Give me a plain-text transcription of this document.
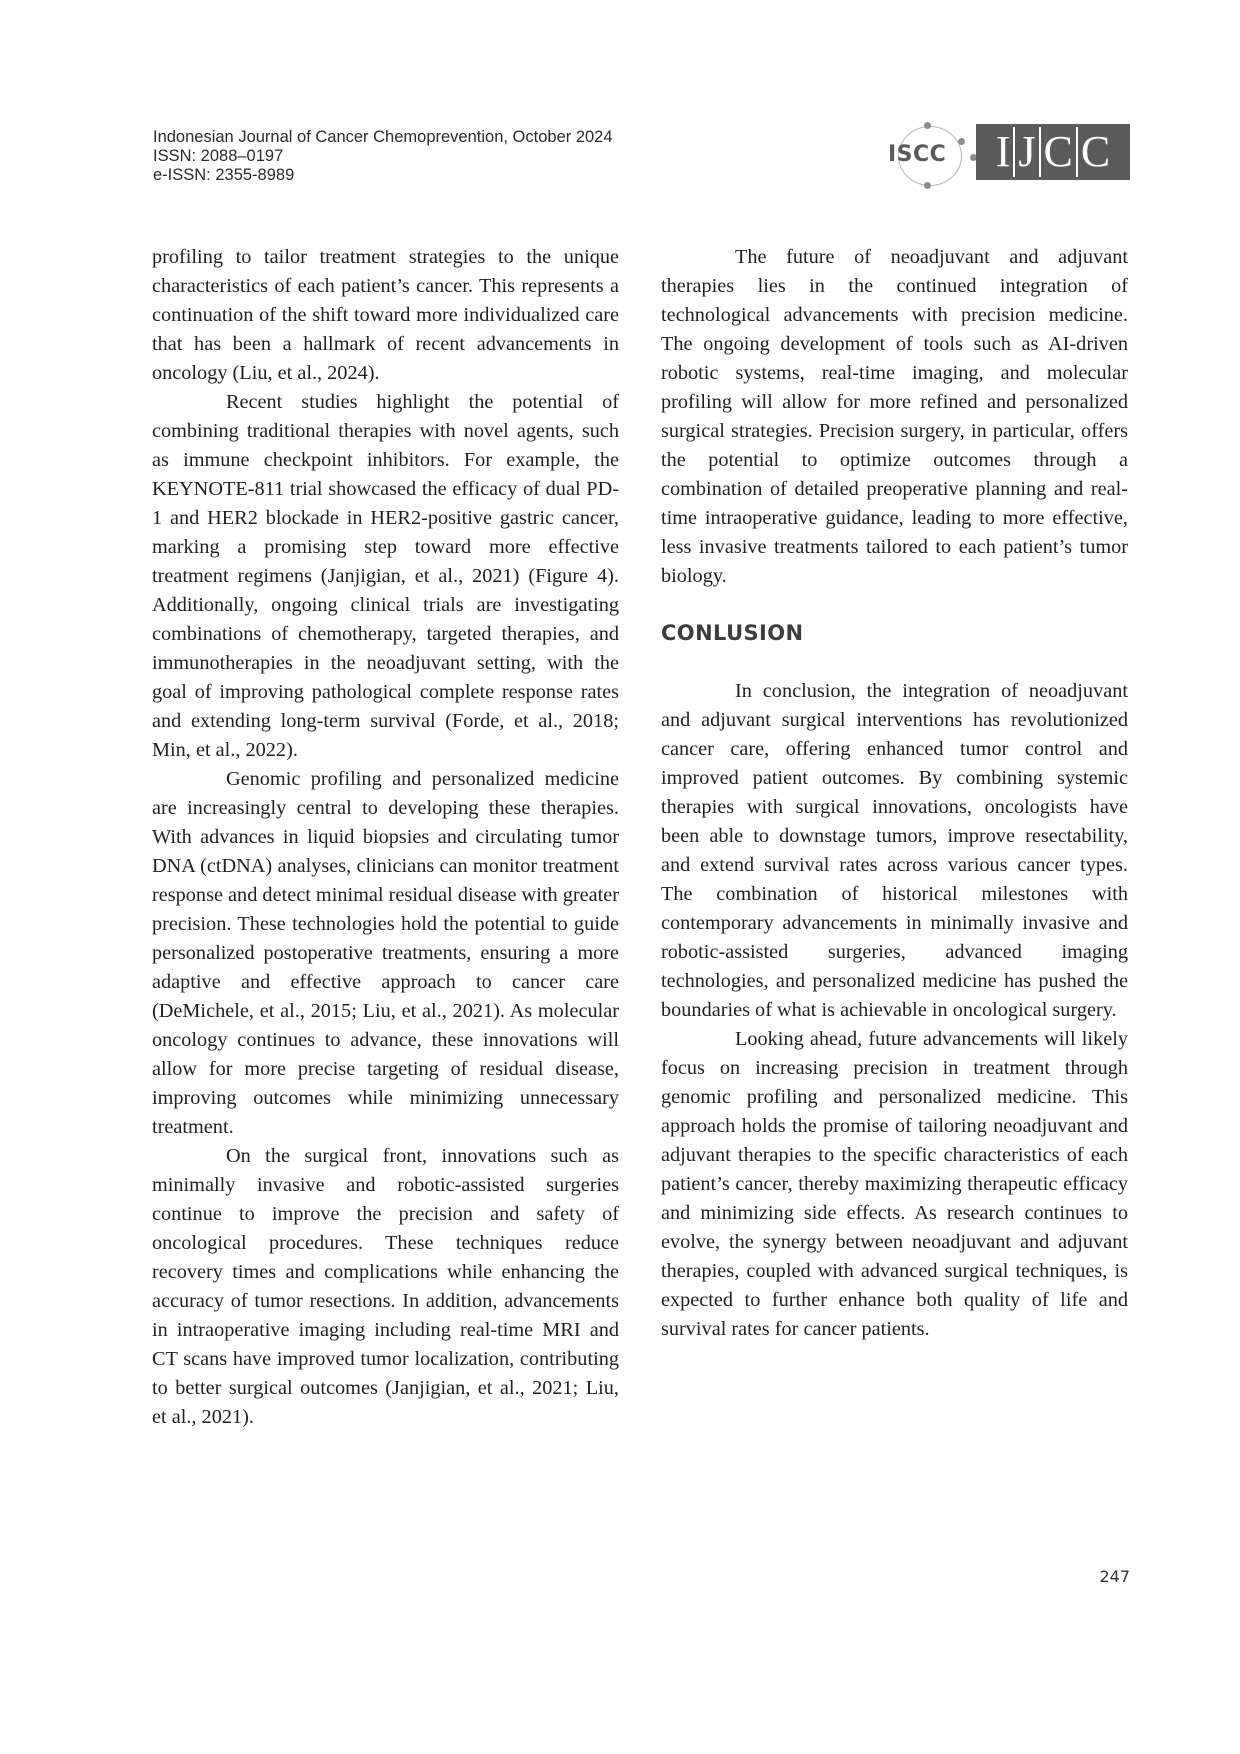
Indonesian Journal of Cancer Chemoprevention, October 2024
ISSN: 2088–0197
e-ISSN: 2355-8989
ISCC I J C C

profiling to tailor treatment strategies to the unique characteristics of each patient’s cancer. This represents a continuation of the shift toward more individualized care that has been a hallmark of recent advancements in oncology (Liu, et al., 2024).

Recent studies highlight the potential of combining traditional therapies with novel agents, such as immune checkpoint inhibitors. For example, the KEYNOTE-811 trial showcased the efficacy of dual PD-1 and HER2 blockade in HER2-positive gastric cancer, marking a promising step toward more effective treatment regimens (Janjigian, et al., 2021) (Figure 4). Additionally, ongoing clinical trials are investigating combinations of chemotherapy, targeted therapies, and immunotherapies in the neoadjuvant setting, with the goal of improving pathological complete response rates and extending long-term survival (Forde, et al., 2018; Min, et al., 2022).

Genomic profiling and personalized medicine are increasingly central to developing these therapies. With advances in liquid biopsies and circulating tumor DNA (ctDNA) analyses, clinicians can monitor treatment response and detect minimal residual disease with greater precision. These technologies hold the potential to guide personalized postoperative treatments, ensuring a more adaptive and effective approach to cancer care (DeMichele, et al., 2015; Liu, et al., 2021). As molecular oncology continues to advance, these innovations will allow for more precise targeting of residual disease, improving outcomes while minimizing unnecessary treatment.

On the surgical front, innovations such as minimally invasive and robotic-assisted surgeries continue to improve the precision and safety of oncological procedures. These techniques reduce recovery times and complications while enhancing the accuracy of tumor resections. In addition, advancements in intraoperative imaging including real-time MRI and CT scans have improved tumor localization, contributing to better surgical outcomes (Janjigian, et al., 2021; Liu, et al., 2021).

The future of neoadjuvant and adjuvant therapies lies in the continued integration of technological advancements with precision medicine. The ongoing development of tools such as AI-driven robotic systems, real-time imaging, and molecular profiling will allow for more refined and personalized surgical strategies. Precision surgery, in particular, offers the potential to optimize outcomes through a combination of detailed preoperative planning and real-time intraoperative guidance, leading to more effective, less invasive treatments tailored to each patient’s tumor biology.

CONLUSION

In conclusion, the integration of neoadjuvant and adjuvant surgical interventions has revolutionized cancer care, offering enhanced tumor control and improved patient outcomes. By combining systemic therapies with surgical innovations, oncologists have been able to downstage tumors, improve resectability, and extend survival rates across various cancer types. The combination of historical milestones with contemporary advancements in minimally invasive and robotic-assisted surgeries, advanced imaging technologies, and personalized medicine has pushed the boundaries of what is achievable in oncological surgery.

Looking ahead, future advancements will likely focus on increasing precision in treatment through genomic profiling and personalized medicine. This approach holds the promise of tailoring neoadjuvant and adjuvant therapies to the specific characteristics of each patient’s cancer, thereby maximizing therapeutic efficacy and minimizing side effects. As research continues to evolve, the synergy between neoadjuvant and adjuvant therapies, coupled with advanced surgical techniques, is expected to further enhance both quality of life and survival rates for cancer patients.

247
